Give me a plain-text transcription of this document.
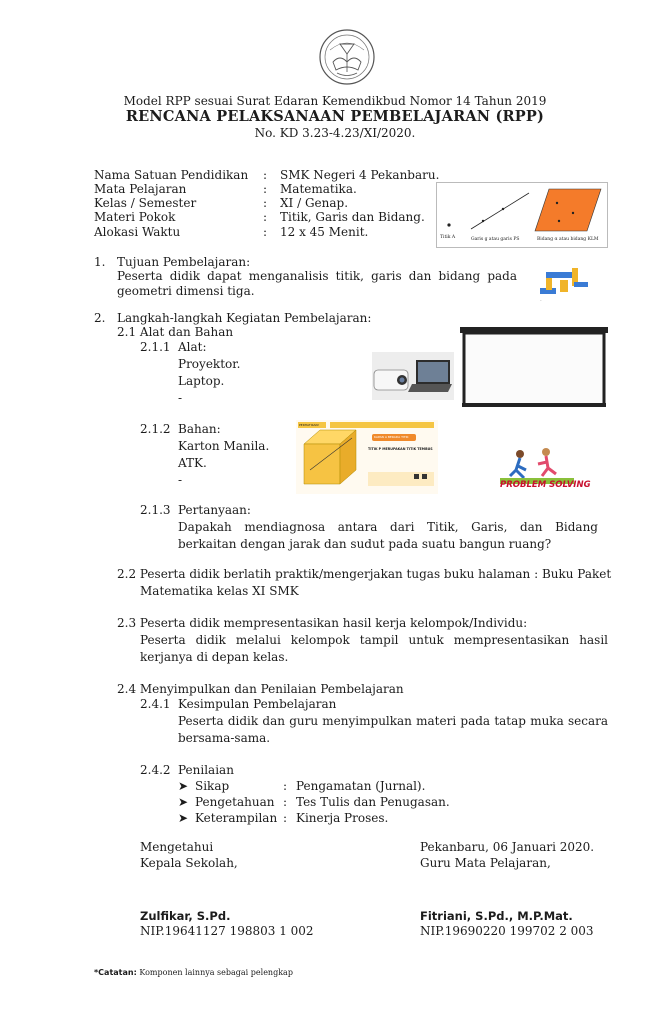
Model RPP sesuai Surat Edaran Kemendikbud Nomor 14 Tahun 2019
RENCANA PELAKSANAAN PEMBELAJARAN (RPP)
No. KD 3.23-4.23/XI/2020.
Nama Satuan Pendidikan : SMK Negeri 4 Pekanbaru.
Mata Pelajaran	: Matematika.
Kelas / Semester	: XI / Genap.
Materi Pokok	: Titik, Garis dan Bidang.
Alokasi Waktu	: 12 x 45 Menit.	Titik A	Garis g atau garis PS	Bidang α atau bidang KLM
1. Tujuan Pembelajaran:
Peserta didik dapat menganalisis titik, garis dan bidang pada geometri dimensi tiga.
_
2. Langkah-langkah Kegiatan Pembelajaran:
2.1 Alat dan Bahan
2.1.1 Alat:
Proyektor.
Laptop.
-
2.1.2 Bahan:
Karton Manila.
ATK.
-
PERHATIKAN!
KAPAN A BERADA TITIK
TITIK P MERUPAKAN TITIK TEMBUS
PROBLEM SOLVING
2.1.3 Pertanyaan:
Dapakah mendiagnosa antara dari Titik, Garis, dan Bidang berkaitan dengan jarak dan sudut pada suatu bangun ruang?
2.2 Peserta didik berlatih praktik/mengerjakan tugas buku halaman : Buku Paket
Matematika kelas XI SMK
2.3 Peserta didik mempresentasikan hasil kerja kelompok/Individu:
Peserta didik melalui kelompok tampil untuk mempresentasikan hasil kerjanya di depan kelas.
2.4 Menyimpulkan dan Penilaian Pembelajaran
2.4.1 Kesimpulan Pembelajaran
Peserta didik dan guru menyimpulkan materi pada tatap muka secara bersama-sama.
2.4.2 Penilaian
➤ Sikap	: Pengamatan (Jurnal).
➤ Pengetahuan : Tes Tulis dan Penugasan.
➤ Keterampilan : Kinerja Proses.
Mengetahui
Kepala Sekolah,
Zulfikar, S.Pd.
NIP.19641127 198803 1 002
Pekanbaru, 06 Januari 2020.
Guru Mata Pelajaran,
Fitriani, S.Pd., M.P.Mat.
NIP.19690220 199702 2 003
*Catatan: Komponen lainnya sebagai pelengkap
